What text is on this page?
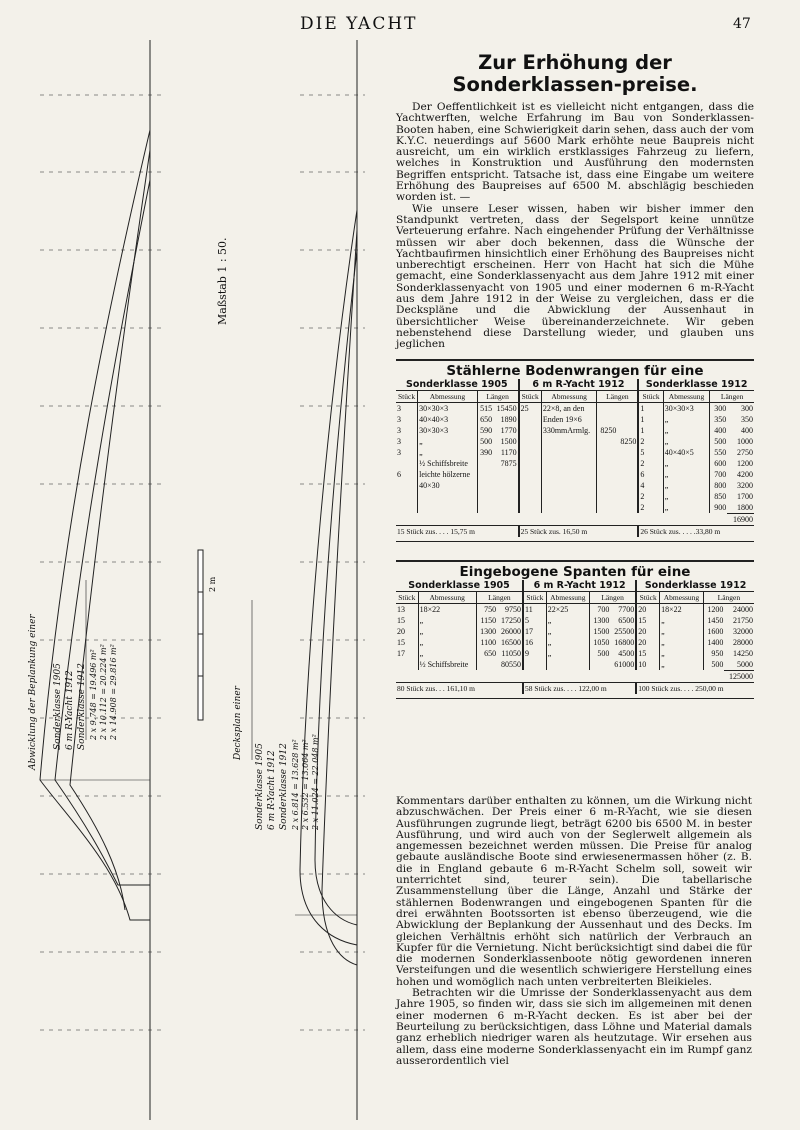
DIE YACHT	47
Maßstab 1 : 50.
Abwicklung der Beplankung einer Sonderklasse 1905 6 m R-Yacht 1912 Sonderklasse 1912 2 x 9.748 = 19.496 m² 2 x 10.112 = 20.224 m² 2 x 14.908 = 29.816 m²	Decksplan einer
Sonderklasse 1905 6 m R-Yacht 1912 Sonderklasse 1912 2 x 6.814 = 13.628 m² 2 x 6.532 = 13.064 m² 2 x 11.024 = 22.048 m²
2 m
Zur Erhöhung der Sonderklassen-preise.

Der Oeffentlichkeit ist es vielleicht nicht entgangen, dass die Yachtwerften, welche Erfahrung im Bau von Sonderklassen-Booten haben, eine Schwierigkeit darin sehen, dass auch der vom K.Y.C. neuerdings auf 5600 Mark erhöhte neue Baupreis nicht ausreicht, um ein wirklich erstklassiges Fahrzeug zu liefern, welches in Konstruktion und Ausführung den modernsten Begriffen entspricht. Tatsache ist, dass eine Eingabe um weitere Erhöhung des Baupreises auf 6500 M. abschlägig beschieden worden ist. —

Wie unsere Leser wissen, haben wir bisher immer den Standpunkt vertreten, dass der Segelsport keine unnütze Verteuerung erfahre. Nach eingehender Prüfung der Verhältnisse müssen wir aber doch bekennen, dass die Wünsche der Yachtbaufirmen hinsichtlich einer Erhöhung des Baupreises nicht unberechtigt erscheinen. Herr von Hacht hat sich die Mühe gemacht, eine Sonderklassenyacht aus dem Jahre 1912 mit einer Sonderklassenyacht von 1905 und einer modernen 6 m-R-Yacht aus dem Jahre 1912 in der Weise zu vergleichen, dass er die Deckspläne und die Abwicklung der Aussenhaut in übersichtlicher Weise übereinanderzeichnete. Wir geben nebenstehend diese Darstellung wieder, und glauben uns jeglichen

Stählerne Bodenwrangen für eine
Sonderklasse 1905				6 m R-Yacht 1912				Sonderklasse 1912			
Stück	Abmessung	Längen		Stück	Abmessung	Längen		Stück	Abmessung	Längen	
3	30×30×3	515	15450	25	22×8, an den			1	30×30×3	300	300
3	40×40×3	650	1890		Enden 19×6			1	„	350	350
3	30×30×3	590	1770		330mmArmlg.	8250		1	„	400	400
3	„	500	1500				8250	2	„	500	1000
3	„	390	1170					5	40×40×5	550	2750
	½ Schiffsbreite		7875					2	„	600	1200
6	leichte hölzerne							6	„	700	4200
	40×30							4	„	800	3200
								2	„	850	1700
								2	„	900	1800
											16900
15 Stück zus. . . . 15,75 m				25 Stück zus. 16,50 m				26 Stück zus. . . . .33,80 m			
Eingebogene Spanten für eine
Sonderklasse 1905				6 m R-Yacht 1912				Sonderklasse 1912			
Stück	Abmessung	Längen		Stück	Abmessung	Längen		Stück	Abmessung	Längen	
13	18×22	750	9750	11	22×25	700	7700	20	18×22	1200	24000
15	„	1150	17250	5	„	1300	6500	15	„	1450	21750
20	„	1300	26000	17	„	1500	25500	20	„	1600	32000
15	„	1100	16500	16	„	1050	16800	20	„	1400	28000
17	„	650	11050	9	„	500	4500	15	„	950	14250
	½ Schiffsbreite		80550				61000	10	„	500	5000
											125000
80 Stück zus. . . 161,10 m				58 Stück zus. . . . 122,00 m				100 Stück zus. . . . 250,00 m			

Kommentars darüber enthalten zu können, um die Wirkung nicht abzuschwächen. Der Preis einer 6 m-R-Yacht, wie sie diesen Ausführungen zugrunde liegt, beträgt 6200 bis 6500 M. in bester Ausführung, und wird auch von der Seglerwelt allgemein als angemessen bezeichnet werden müssen. Die Preise für analog gebaute ausländische Boote sind erwiesenermassen höher (z. B. die in England gebaute 6 m-R-Yacht Schelm soll, soweit wir unterrichtet sind, teurer sein). Die tabellarische Zusammenstellung über die Länge, Anzahl und Stärke der stählernen Bodenwrangen und eingebogenen Spanten für die drei erwähnten Bootssorten ist ebenso überzeugend, wie die Abwicklung der Beplankung der Aussenhaut und des Decks. Im gleichen Verhältnis erhöht sich natürlich der Verbrauch an Kupfer für die Vernietung. Nicht berücksichtigt sind dabei die für die modernen Sonderklassenboote nötig gewordenen inneren Versteifungen und die wesentlich schwierigere Herstellung eines hohen und womöglich nach unten verbreiterten Bleikieles.

Betrachten wir die Umrisse der Sonderklassenyacht aus dem Jahre 1905, so finden wir, dass sie sich im allgemeinen mit denen einer modernen 6 m-R-Yacht decken. Es ist aber bei der Beurteilung zu berücksichtigen, dass Löhne und Material damals ganz erheblich niedriger waren als heutzutage. Wir ersehen aus allem, dass eine moderne Sonderklassenyacht ein im Rumpf ganz ausserordentlich viel
